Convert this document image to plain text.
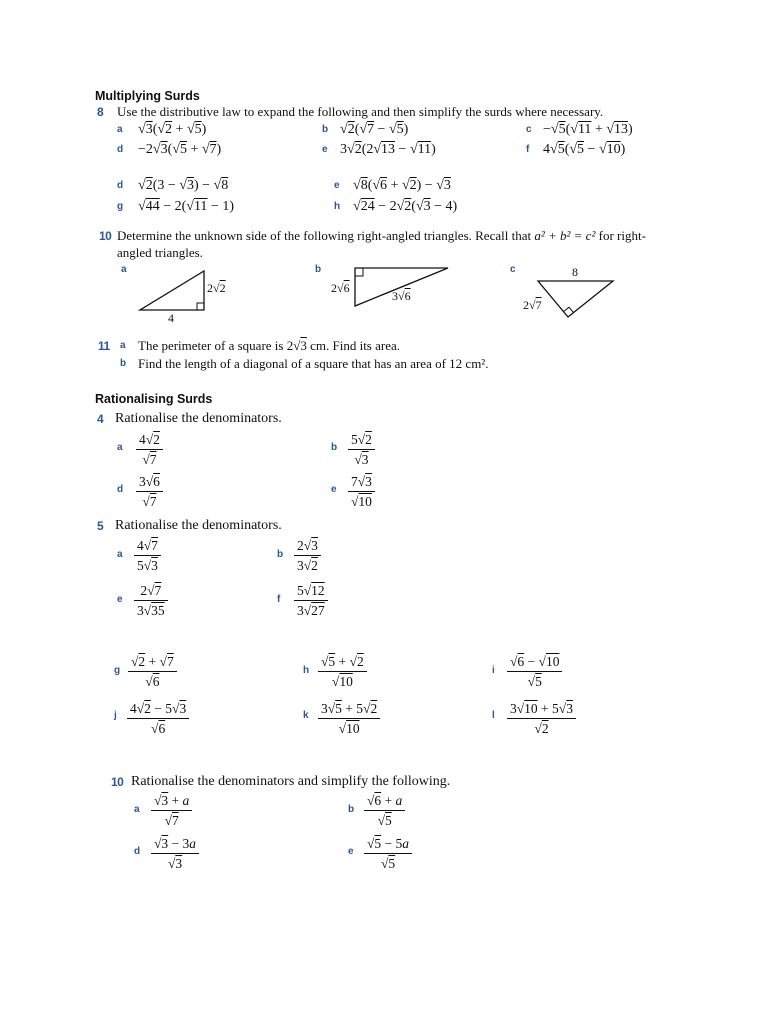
Multiplying Surds
8 Use the distributive law to expand the following and then simplify the surds where necessary.
a √3(√2 + √5)	b √2(√7 − √5)	c −√5(√11 + √13)
d −2√3(√5 + √7)	e 3√2(2√13 − √11)	f 4√5(√5 − √10)
d √2(3 − √3) − √8	e √8(√6 + √2) − √3
g √44 − 2(√11 − 1)	h √24 − 2√2(√3 − 4)
10 Determine the unknown side of the following right-angled triangles. Recall that a² + b² = c² for right-
angled triangles.
a	b	c
2√2
4
2√6
3√6
8
2√7
11 a The perimeter of a square is 2√3 cm. Find its area.
b Find the length of a diagonal of a square that has an area of 12 cm².
Rationalising Surds
4 Rationalise the denominators.
a $\frac{4√2}{√7}$	b $\frac{5√2}{√3}$
d $\frac{3√6}{√7}$	e $\frac{7√3}{√10}$
5 Rationalise the denominators.
a $\frac{4√7}{5√3}$	b $\frac{2√3}{3√2}$
e $\frac{2√7}{3√35}$	f $\frac{5√12}{3√27}$
g $\frac{√2 + √7}{√6}$	h $\frac{√5 + √2}{√10}$	i $\frac{√6 - √10}{√5}$
j $\frac{4√2 - 5√3}{√6}$	k $\frac{3√5 + 5√2}{√10}$	l $\frac{3√10 + 5√3}{√2}$
10 Rationalise the denominators and simplify the following.
a $\frac{√3 + a}{√7}$	b $\frac{√6 + a}{√5}$
d $\frac{√3 - 3a}{√3}$	e $\frac{√5 - 5a}{√5}$
